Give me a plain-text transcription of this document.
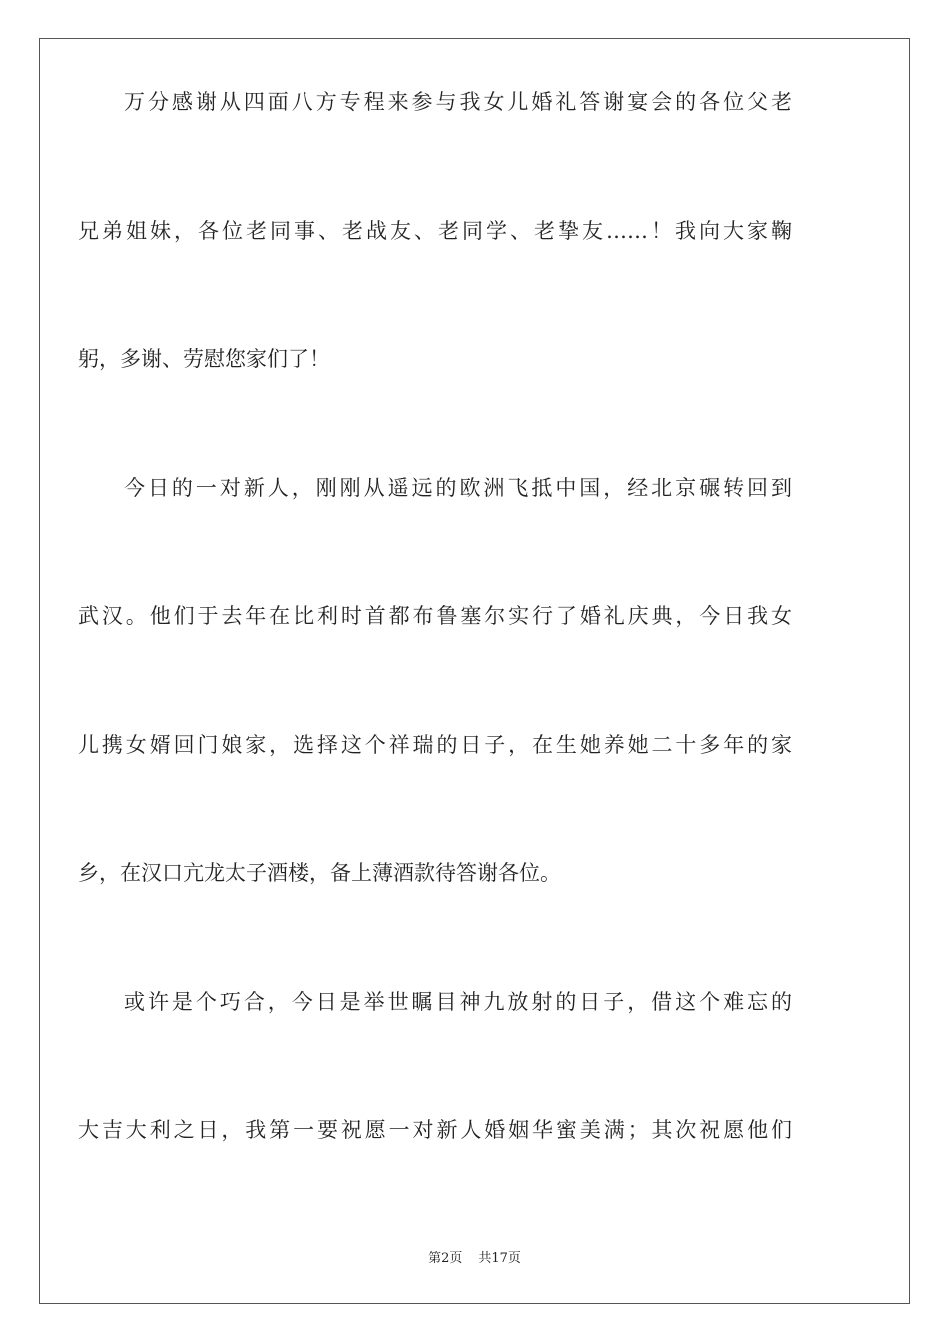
万分感谢从四面八方专程来参与我女儿婚礼答谢宴会的各位父老
兄弟姐妹，各位老同事、老战友、老同学、老挚友……！我向大家鞠
躬，多谢、劳慰您家们了！
今日的一对新人，刚刚从遥远的欧洲飞抵中国，经北京碾转回到
武汉。他们于去年在比利时首都布鲁塞尔实行了婚礼庆典，今日我女
儿携女婿回门娘家，选择这个祥瑞的日子，在生她养她二十多年的家
乡，在汉口亢龙太子酒楼，备上薄酒款待答谢各位。
或许是个巧合，今日是举世瞩目神九放射的日子，借这个难忘的
大吉大利之日，我第一要祝愿一对新人婚姻华蜜美满；其次祝愿他们
第2页 共17页
